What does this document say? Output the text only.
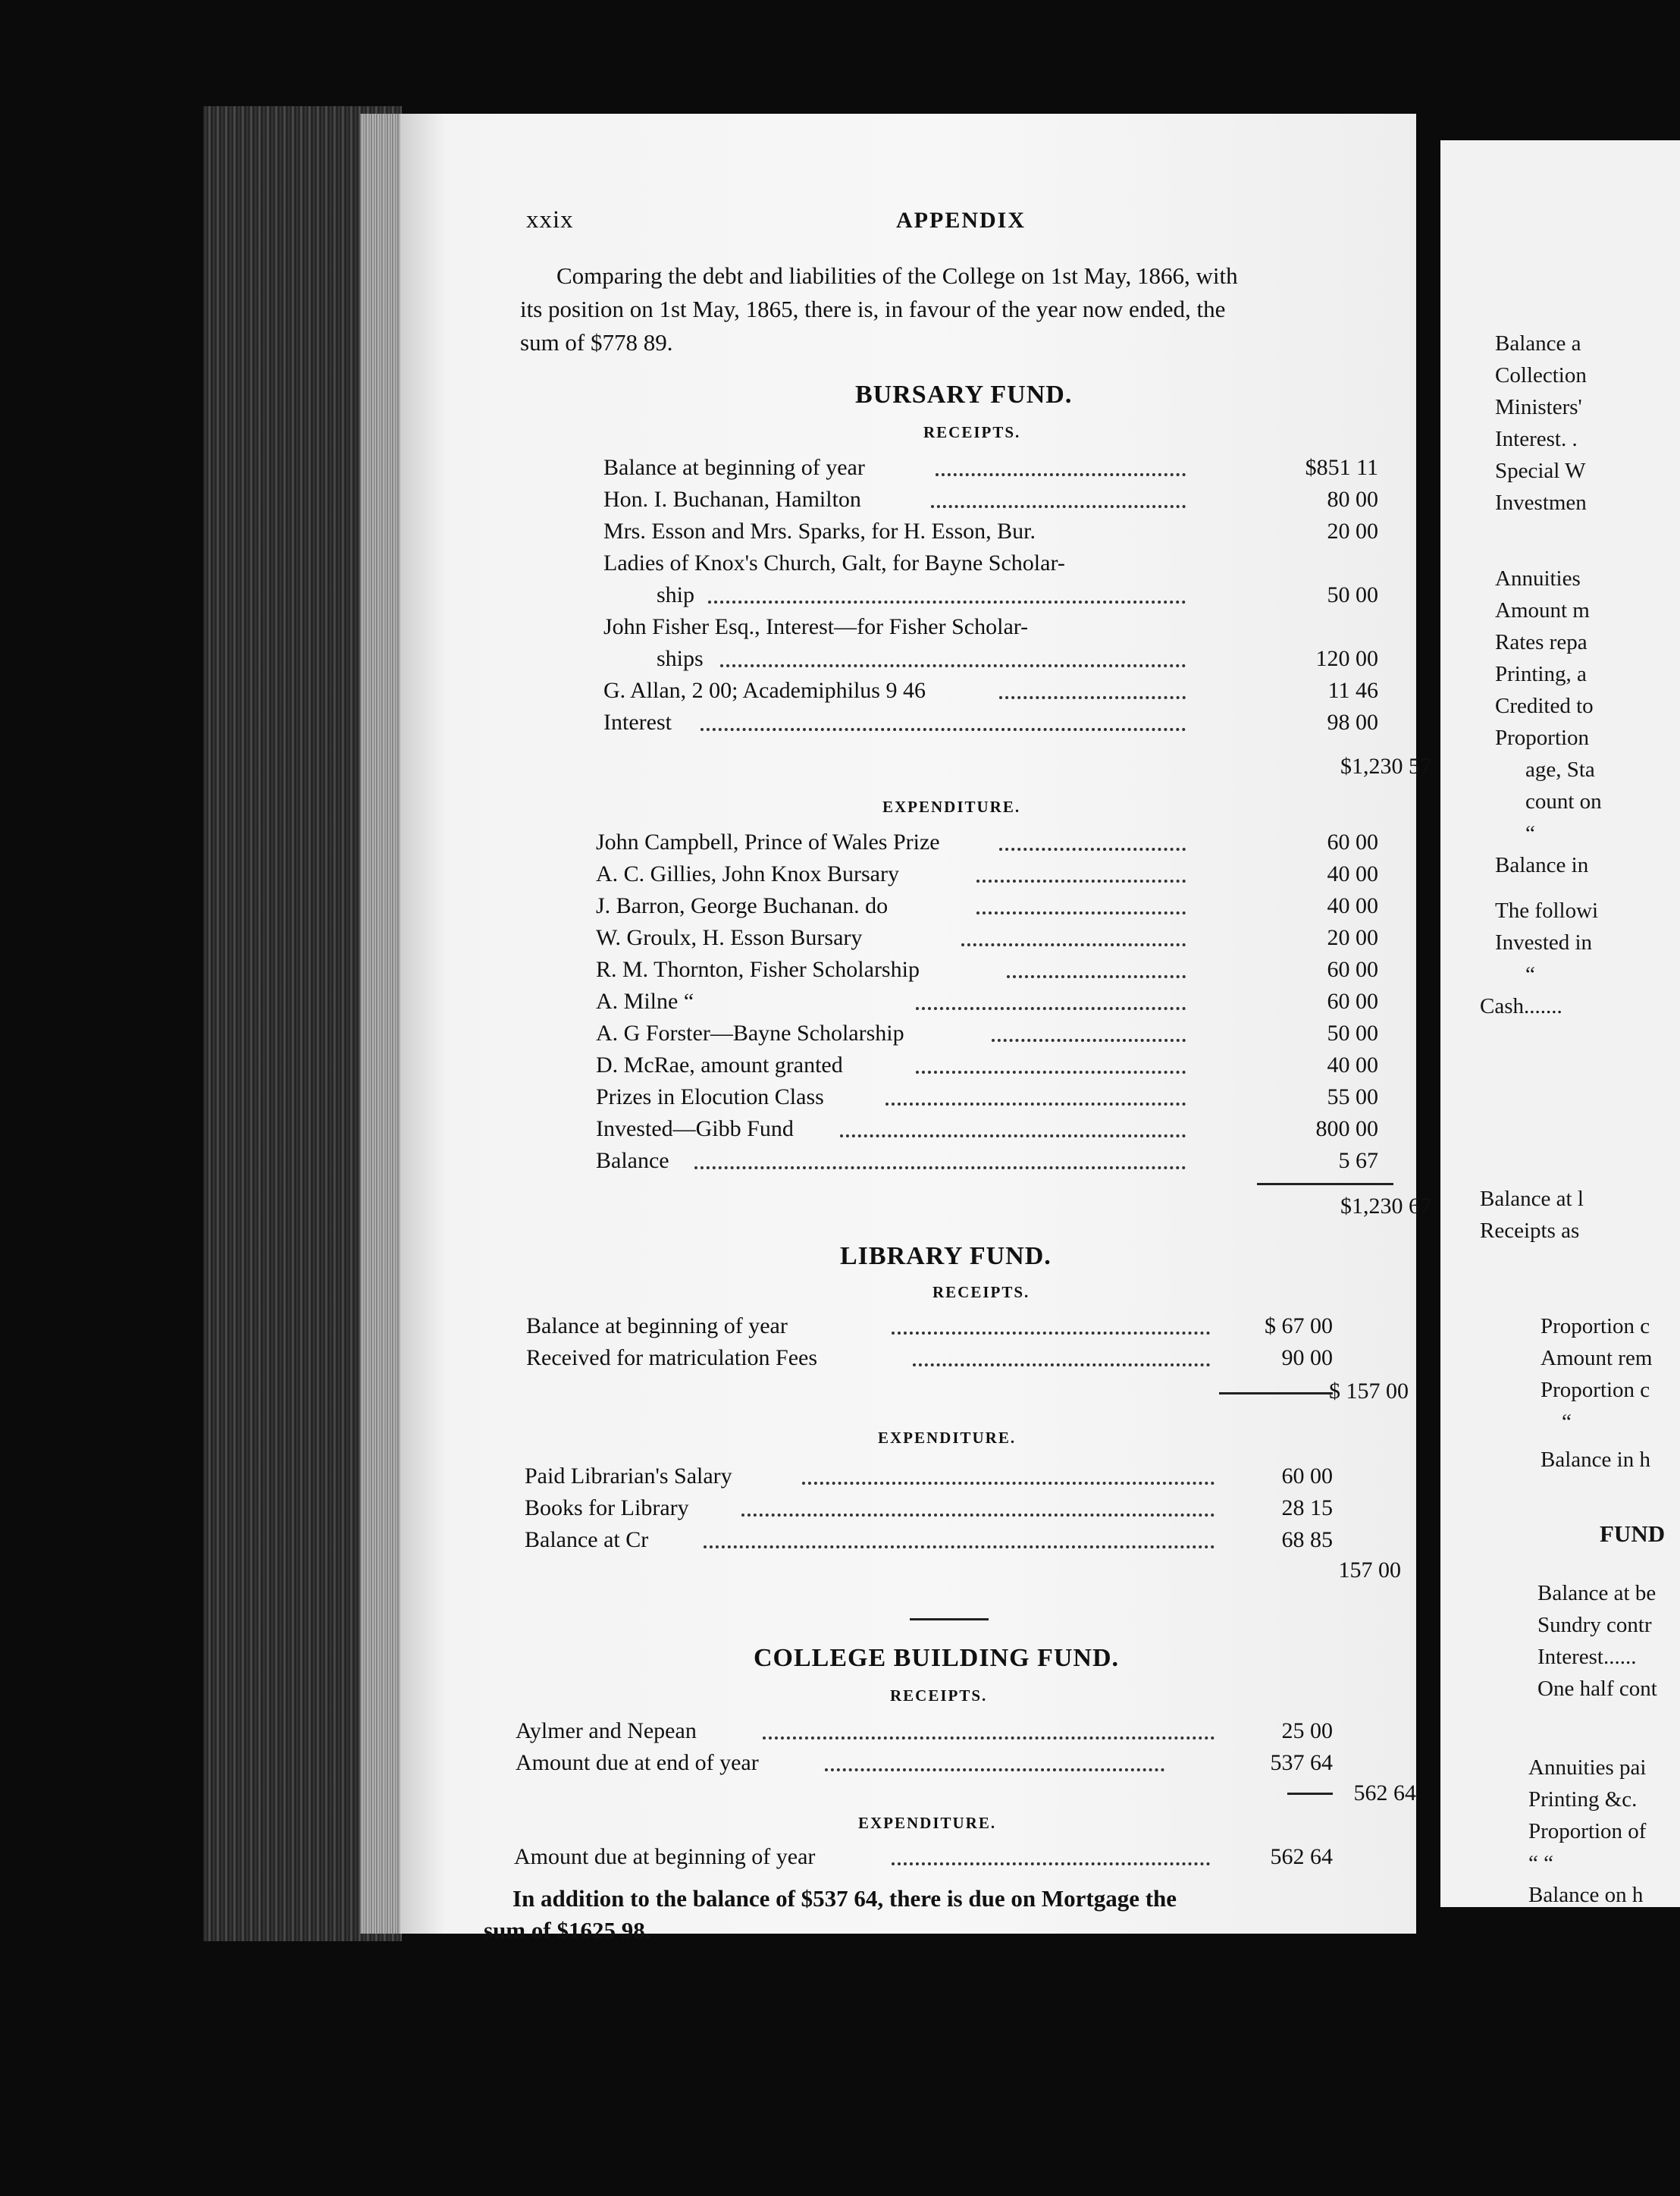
xxix	APPENDIX
Comparing the debt and liabilities of the College on 1st May, 1866, with
its position on 1st May, 1865, there is, in favour of the year now ended, the
sum of $778 89.
BURSARY FUND.
RECEIPTS.
Balance at beginning of year	$851 11
Hon. I. Buchanan, Hamilton	80 00
Mrs. Esson and Mrs. Sparks, for H. Esson, Bur.	20 00
Ladies of Knox's Church, Galt, for Bayne Scholar-
ship	50 00
John Fisher Esq., Interest—for Fisher Scholar-
ships	120 00
G. Allan, 2 00; Academiphilus 9 46	11 46
Interest	98 00
$1,230 57
EXPENDITURE.
John Campbell, Prince of Wales Prize	60 00
A. C. Gillies, John Knox Bursary	40 00
J. Barron, George Buchanan. do	40 00
W. Groulx, H. Esson Bursary	20 00
R. M. Thornton, Fisher Scholarship	60 00
A. Milne “	60 00
A. G Forster—Bayne Scholarship	50 00
D. McRae, amount granted	40 00
Prizes in Elocution Class	55 00
Invested—Gibb Fund	800 00
Balance	5 67
$1,230 67
LIBRARY FUND.
RECEIPTS.
Balance at beginning of year	$ 67 00
Received for matriculation Fees	90 00
$ 157 00
EXPENDITURE.
Paid Librarian's Salary	60 00
Books for Library	28 15
Balance at Cr	68 85
157 00
COLLEGE BUILDING FUND.
RECEIPTS.
Aylmer and Nepean	25 00
Amount due at end of year	537 64
562 64
EXPENDITURE.
Amount due at beginning of year	562 64
In addition to the balance of $537 64, there is due on Mortgage the
sum of $1625 98.
Balance a
Collection
Ministers'
Interest. .
Special W
Investmen
Annuities
Amount m
Rates repa
Printing, a
Credited to
Proportion
age, Sta
count on
“
Balance in
The followi
Invested in
“
Cash.......
Balance at l
Receipts as
Proportion c
Amount rem
Proportion c
“
Balance in h
FUND
Balance at be
Sundry contr
Interest......
One half cont
Annuities pai
Printing &c.
Proportion of
“ “
Balance on h
